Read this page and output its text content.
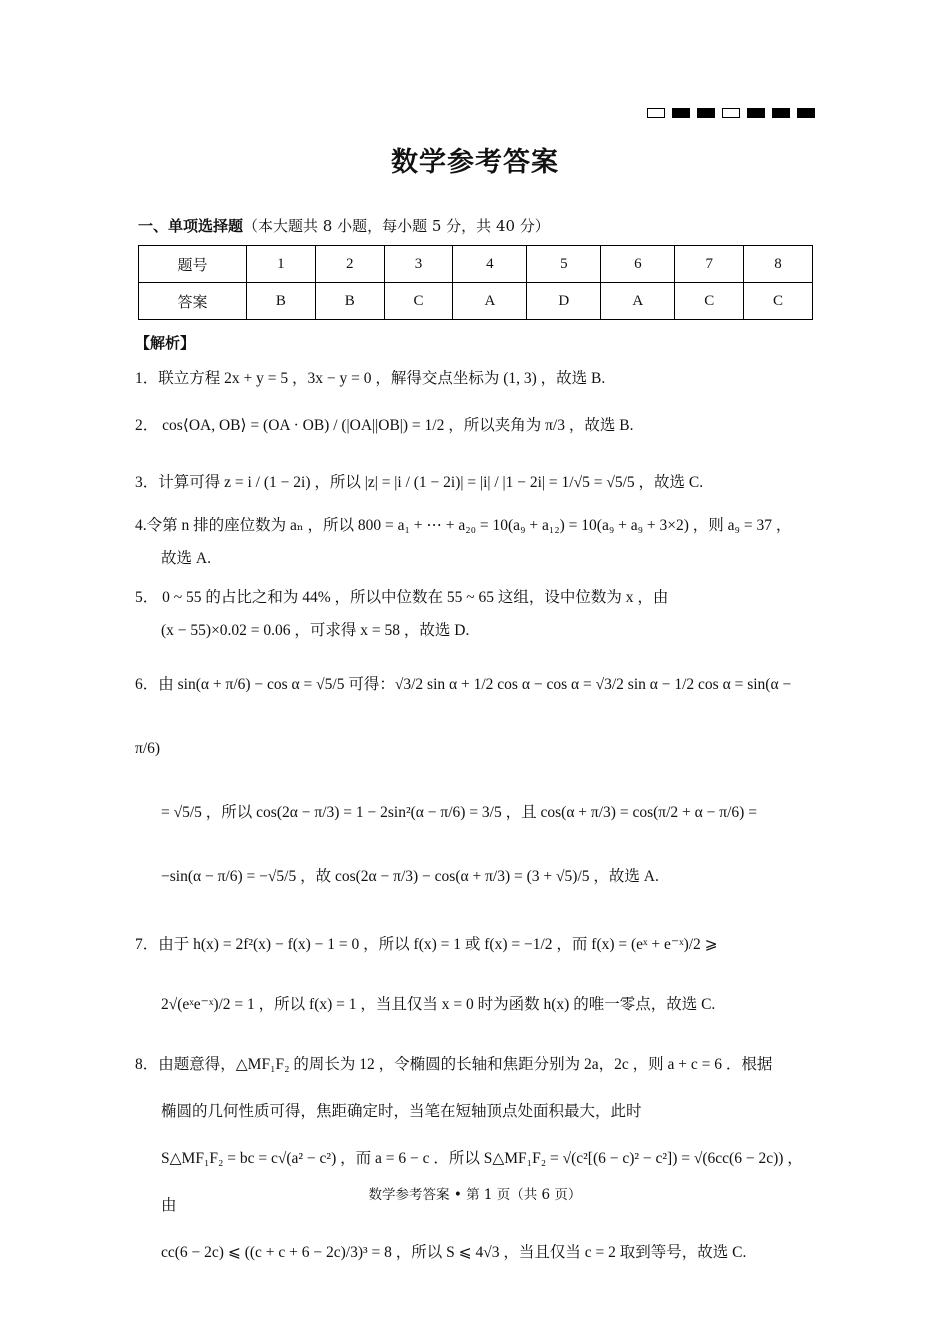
数学参考答案
一、单项选择题（本大题共 8 小题，每小题 5 分，共 40 分）
题号	1	2	3	4	5	6	7	8
答案	B	B	C	A	D	A	C	C
【解析】
1．联立方程 2x + y = 5 ，3x − y = 0 ，解得交点坐标为 (1, 3) ，故选 B.
2． cos⟨OA, OB⟩ = (OA · OB) / (|OA||OB|) = 1/2 ，所以夹角为 π/3 ，故选 B.
3．计算可得 z = i / (1 − 2i) ，所以 |z| = |i / (1 − 2i)| = |i| / |1 − 2i| = 1/√5 = √5/5 ，故选 C.
4.令第 n 排的座位数为 aₙ ，所以 800 = a₁ + ⋯ + a₂₀ = 10(a₉ + a₁₂) = 10(a₉ + a₉ + 3×2) ，则 a₉ = 37 ，
故选 A.
5． 0 ~ 55 的占比之和为 44% ，所以中位数在 55 ~ 65 这组，设中位数为 x ，由
(x − 55)×0.02 = 0.06 ，可求得 x = 58 ，故选 D.
6．由 sin(α + π/6) − cos α = √5/5 可得：√3/2 sin α + 1/2 cos α − cos α = √3/2 sin α − 1/2 cos α = sin(α − π/6)
= √5/5 ，所以 cos(2α − π/3) = 1 − 2sin²(α − π/6) = 3/5 ，且 cos(α + π/3) = cos(π/2 + α − π/6) =
−sin(α − π/6) = −√5/5 ，故 cos(2α − π/3) − cos(α + π/3) = (3 + √5)/5 ，故选 A.
7．由于 h(x) = 2f²(x) − f(x) − 1 = 0 ，所以 f(x) = 1 或 f(x) = −1/2 ，而 f(x) = (eˣ + e⁻ˣ)/2 ⩾
2√(eˣe⁻ˣ)/2 = 1 ，所以 f(x) = 1 ，当且仅当 x = 0 时为函数 h(x) 的唯一零点，故选 C.
8．由题意得，△MF₁F₂ 的周长为 12 ，令椭圆的长轴和焦距分别为 2a，2c ，则 a + c = 6 ．根据
椭圆的几何性质可得，焦距确定时，当笔在短轴顶点处面积最大，此时
S△MF₁F₂ = bc = c√(a² − c²) ，而 a = 6 − c ．所以 S△MF₁F₂ = √(c²[(6 − c)² − c²]) = √(6cc(6 − 2c)) ，由
cc(6 − 2c) ⩽ ((c + c + 6 − 2c)/3)³ = 8 ，所以 S ⩽ 4√3 ，当且仅当 c = 2 取到等号，故选 C.
数学参考答案 • 第 1 页（共 6 页）
